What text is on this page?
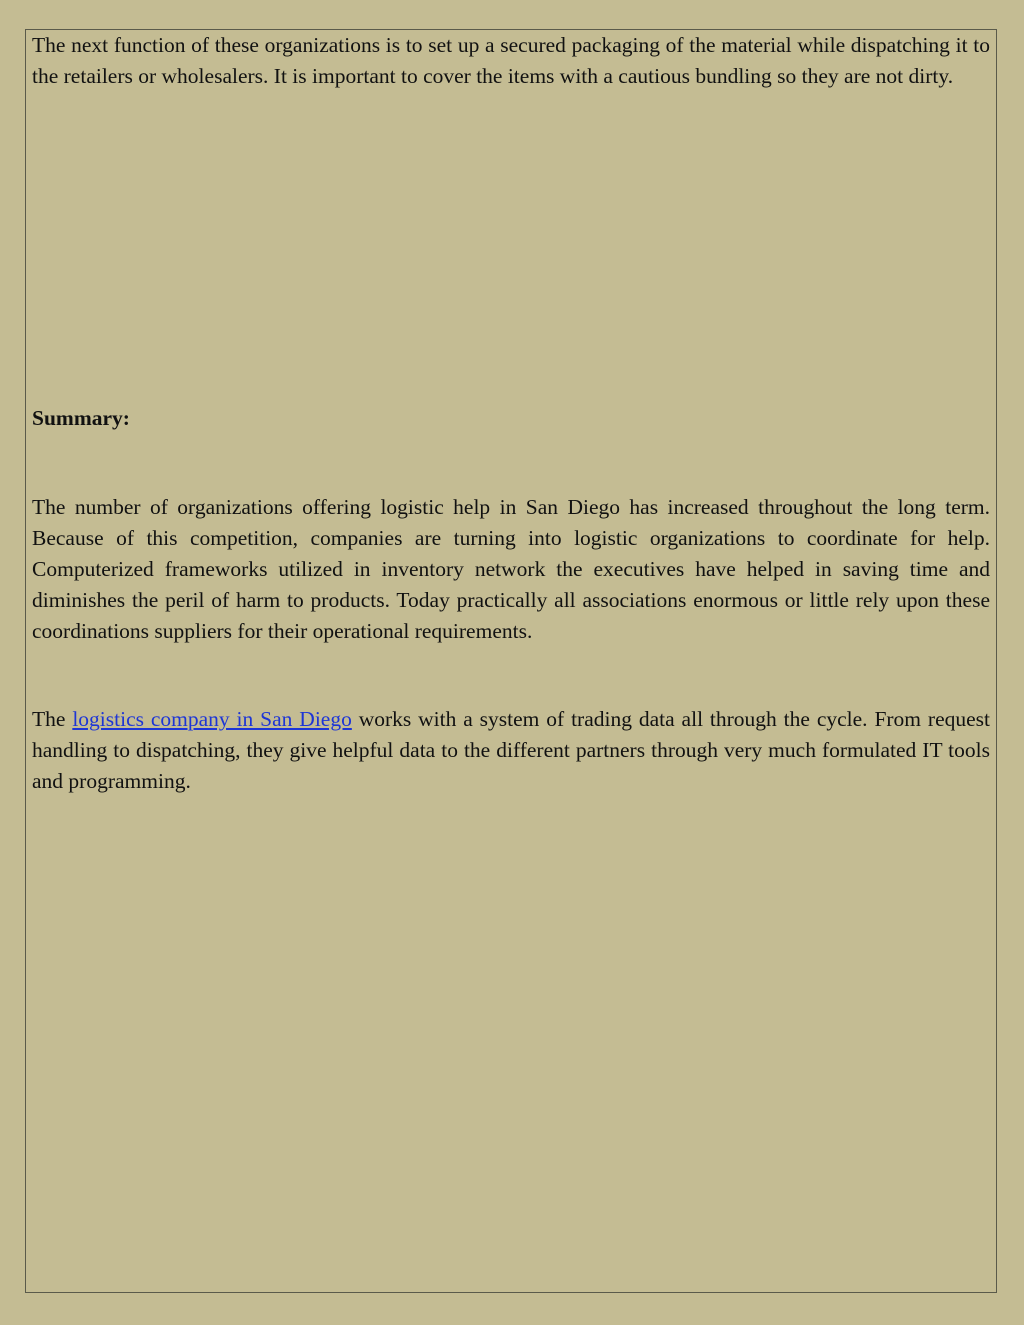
The next function of these organizations is to set up a secured packaging of the material while dispatching it to the retailers or wholesalers. It is important to cover the items with a cautious bundling so they are not dirty.

Summary:

The number of organizations offering logistic help in San Diego has increased throughout the long term. Because of this competition, companies are turning into logistic organizations to coordinate for help. Computerized frameworks utilized in inventory network the executives have helped in saving time and diminishes the peril of harm to products. Today practically all associations enormous or little rely upon these coordinations suppliers for their operational requirements.

The logistics company in San Diego works with a system of trading data all through the cycle. From request handling to dispatching, they give helpful data to the different partners through very much formulated IT tools and programming.
